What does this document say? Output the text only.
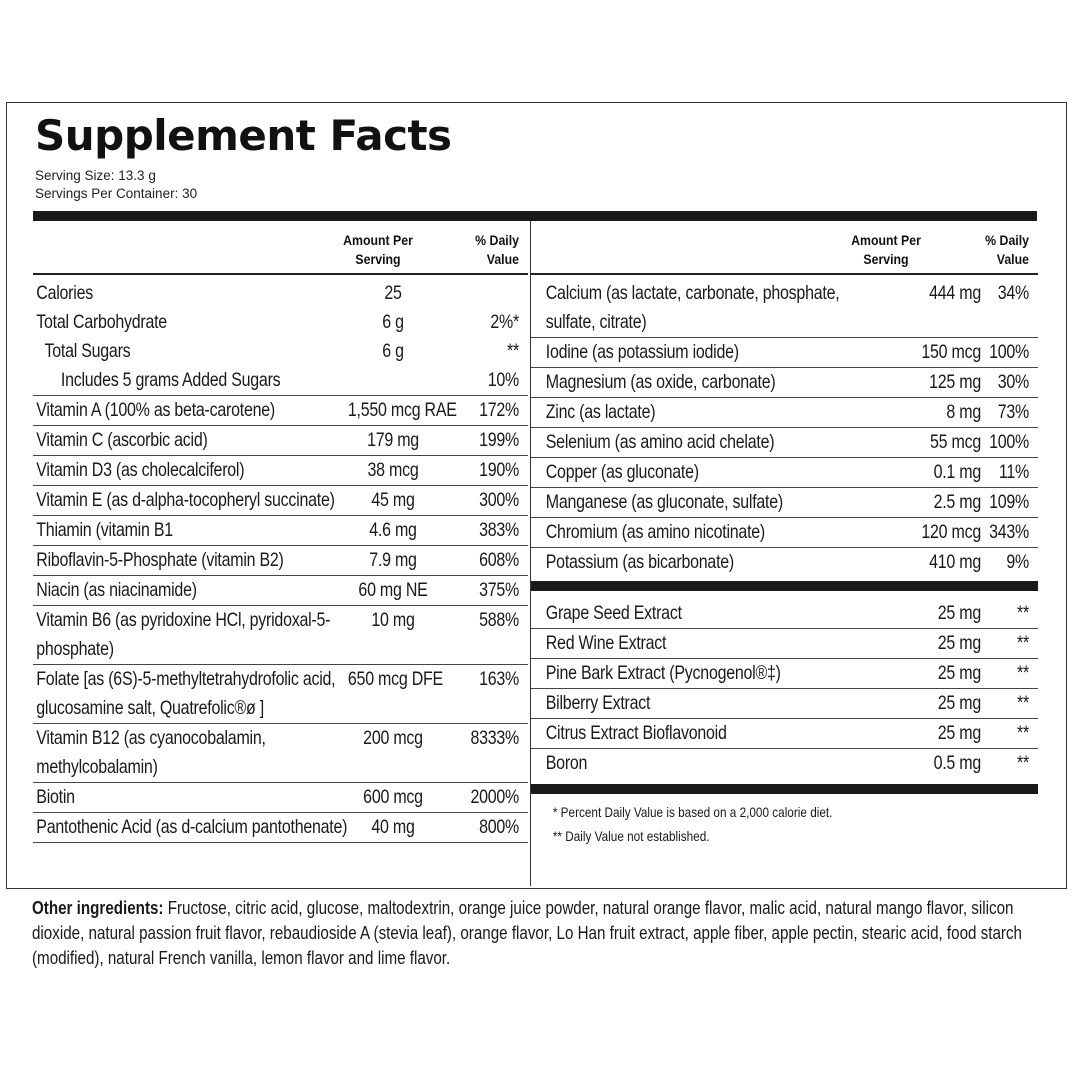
Supplement Facts
Serving Size: 13.3 g
Servings Per Container: 30
Amount Per
Serving
% Daily
Value
Calories	25
Total Carbohydrate	6 g	2%*
Total Sugars	6 g	**
Includes 5 grams Added Sugars	10%
Vitamin A (100% as beta-carotene)	1,550 mcg RAE	172%
Vitamin C (ascorbic acid)	179 mg	199%
Vitamin D3 (as cholecalciferol)	38 mcg	190%
Vitamin E (as d-alpha-tocopheryl succinate)	45 mg	300%
Thiamin (vitamin B1	4.6 mg	383%
Riboflavin-5-Phosphate (vitamin B2)	7.9 mg	608%
Niacin (as niacinamide)	60 mg NE	375%
Vitamin B6 (as pyridoxine HCl, pyridoxal-5-phosphate)
10 mg	588%
Folate [as (6S)-5-methyltetrahydrofolic acid, glucosamine salt, Quatrefolic®ø ]
650 mcg DFE	163%
Vitamin B12 (as cyanocobalamin, methylcobalamin)
200 mcg	8333%
Biotin	600 mcg	2000%
Pantothenic Acid (as d-calcium pantothenate)	40 mg	800%
Amount Per
Serving
% Daily
Value
Calcium (as lactate, carbonate, phosphate, sulfate, citrate)
444 mg 34%
Iodine (as potassium iodide)	150 mcg 100%
Magnesium (as oxide, carbonate)	125 mg 30%
Zinc (as lactate)	8 mg 73%
Selenium (as amino acid chelate)	55 mcg 100%
Copper (as gluconate)	0.1 mg 11%
Manganese (as gluconate, sulfate)	2.5 mg 109%
Chromium (as amino nicotinate)	120 mcg 343%
Potassium (as bicarbonate)	410 mg	9%
Grape Seed Extract	25 mg	**
Red Wine Extract	25 mg	**
Pine Bark Extract (Pycnogenol®‡)	25 mg	**
Bilberry Extract	25 mg	**
Citrus Extract Bioflavonoid	25 mg	**
Boron	0.5 mg	**
* Percent Daily Value is based on a 2,000 calorie diet.
** Daily Value not established.
Other ingredients: Fructose, citric acid, glucose, maltodextrin, orange juice powder, natural orange flavor, malic acid, natural mango flavor, silicon dioxide, natural passion fruit flavor, rebaudioside A (stevia leaf), orange flavor, Lo Han fruit extract, apple fiber, apple pectin, stearic acid, food starch (modified), natural French vanilla, lemon flavor and lime flavor.
